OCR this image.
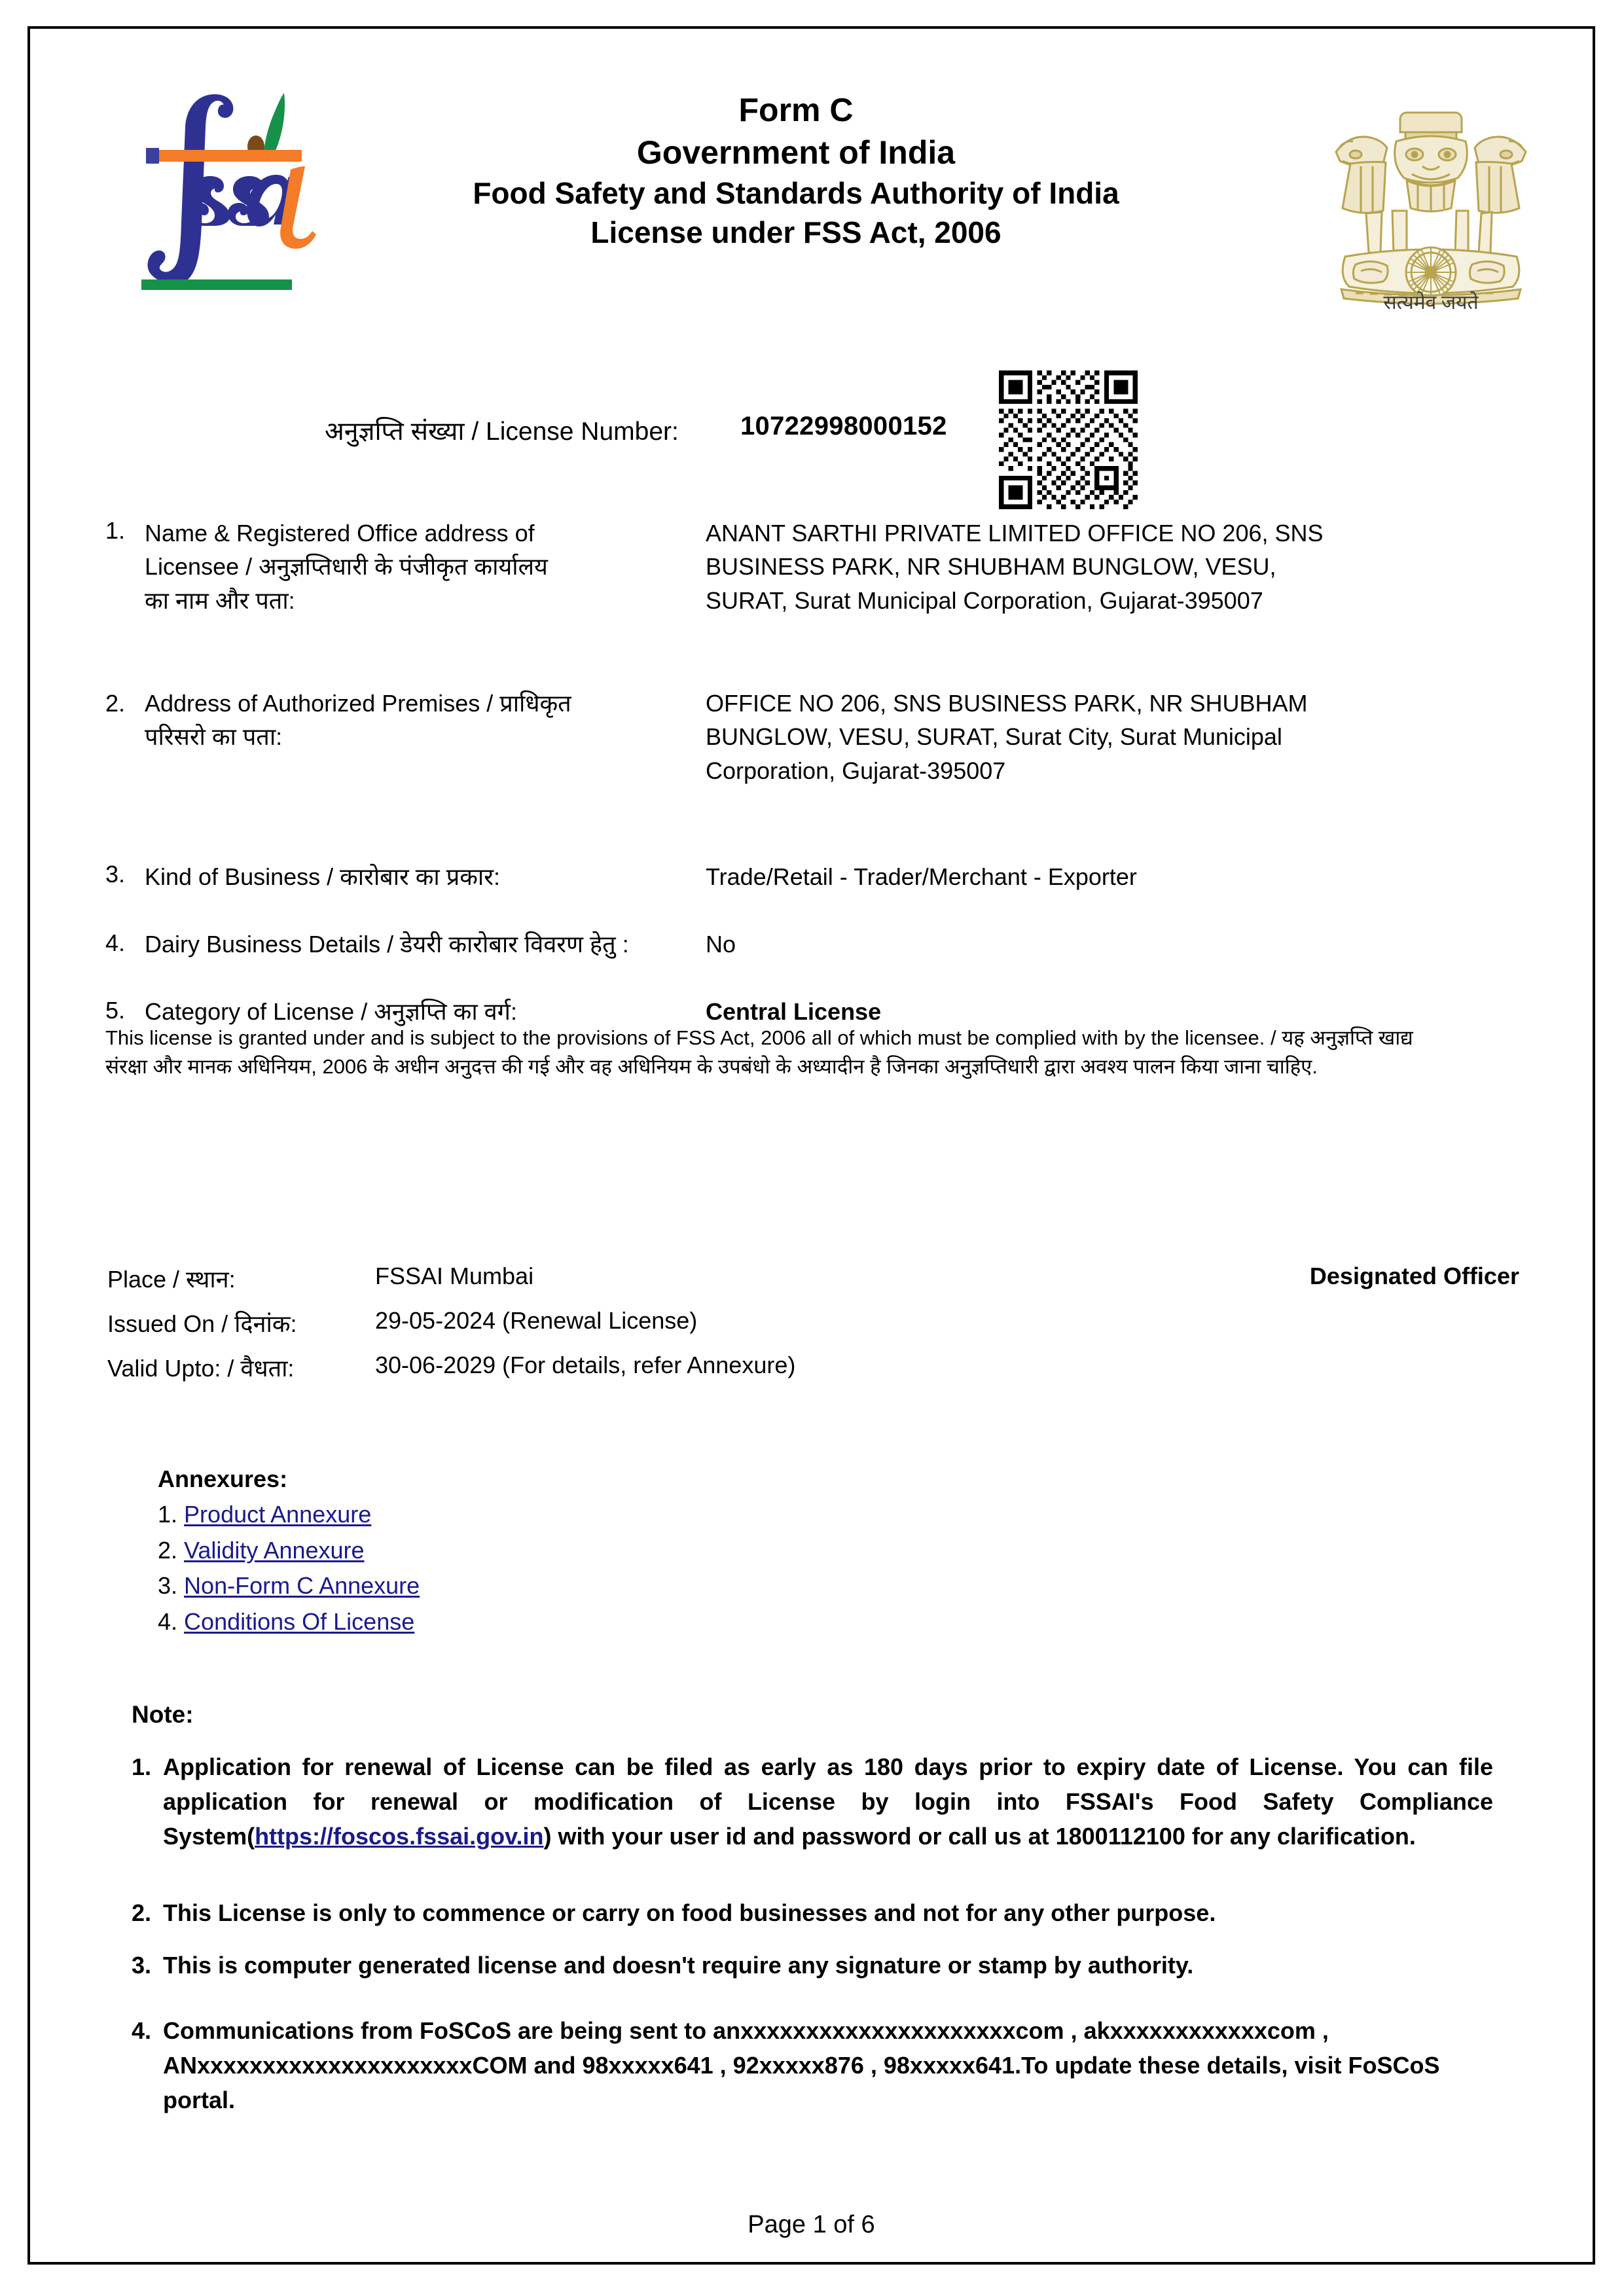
Form C
Government of India
Food Safety and Standards Authority of India
License under FSS Act, 2006
सत्यमेव जयते
अनुज्ञप्ति संख्या / License Number: 10722998000152
1. Name & Registered Office address of Licensee / अनुज्ञप्तिधारी के पंजीकृत कार्यालय का नाम और पता:
ANANT SARTHI PRIVATE LIMITED OFFICE NO 206, SNS BUSINESS PARK, NR SHUBHAM BUNGLOW, VESU, SURAT, Surat Municipal Corporation, Gujarat-395007
2. Address of Authorized Premises / प्राधिकृत परिसरो का पता:
OFFICE NO 206, SNS BUSINESS PARK, NR SHUBHAM BUNGLOW, VESU, SURAT, Surat City, Surat Municipal Corporation, Gujarat-395007
3. Kind of Business / कारोबार का प्रकार:	Trade/Retail - Trader/Merchant - Exporter
4. Dairy Business Details / डेयरी कारोबार विवरण हेतु :	No
5. Category of License / अनुज्ञप्ति का वर्ग:	Central License
This license is granted under and is subject to the provisions of FSS Act, 2006 all of which must be complied with by the licensee. / यह अनुज्ञप्ति खाद्य संरक्षा और मानक अधिनियम, 2006 के अधीन अनुदत्त की गई और वह अधिनियम के उपबंधो के अध्यादीन है जिनका अनुज्ञप्तिधारी द्वारा अवश्य पालन किया जाना चाहिए.
Place / स्थान:	FSSAI Mumbai	Designated Officer
Issued On / दिनांक:	29-05-2024 (Renewal License)
Valid Upto: / वैधता:	30-06-2029 (For details, refer Annexure)
Annexures:
1. Product Annexure
2. Validity Annexure
3. Non-Form C Annexure
4. Conditions Of License
Note:
1. Application for renewal of License can be filed as early as 180 days prior to expiry date of License. You can file application for renewal or modification of License by login into FSSAI's Food Safety Compliance System(https://foscos.fssai.gov.in) with your user id and password or call us at 1800112100 for any clarification.
2. This License is only to commence or carry on food businesses and not for any other purpose.
3. This is computer generated license and doesn't require any signature or stamp by authority.
4. Communications from FoSCoS are being sent to anxxxxxxxxxxxxxxxxxxxxxcom , akxxxxxxxxxxxxcom , ANxxxxxxxxxxxxxxxxxxxxxCOM and 98xxxxx641 , 92xxxxx876 , 98xxxxx641.To update these details, visit FoSCoS portal.
Page 1 of 6
